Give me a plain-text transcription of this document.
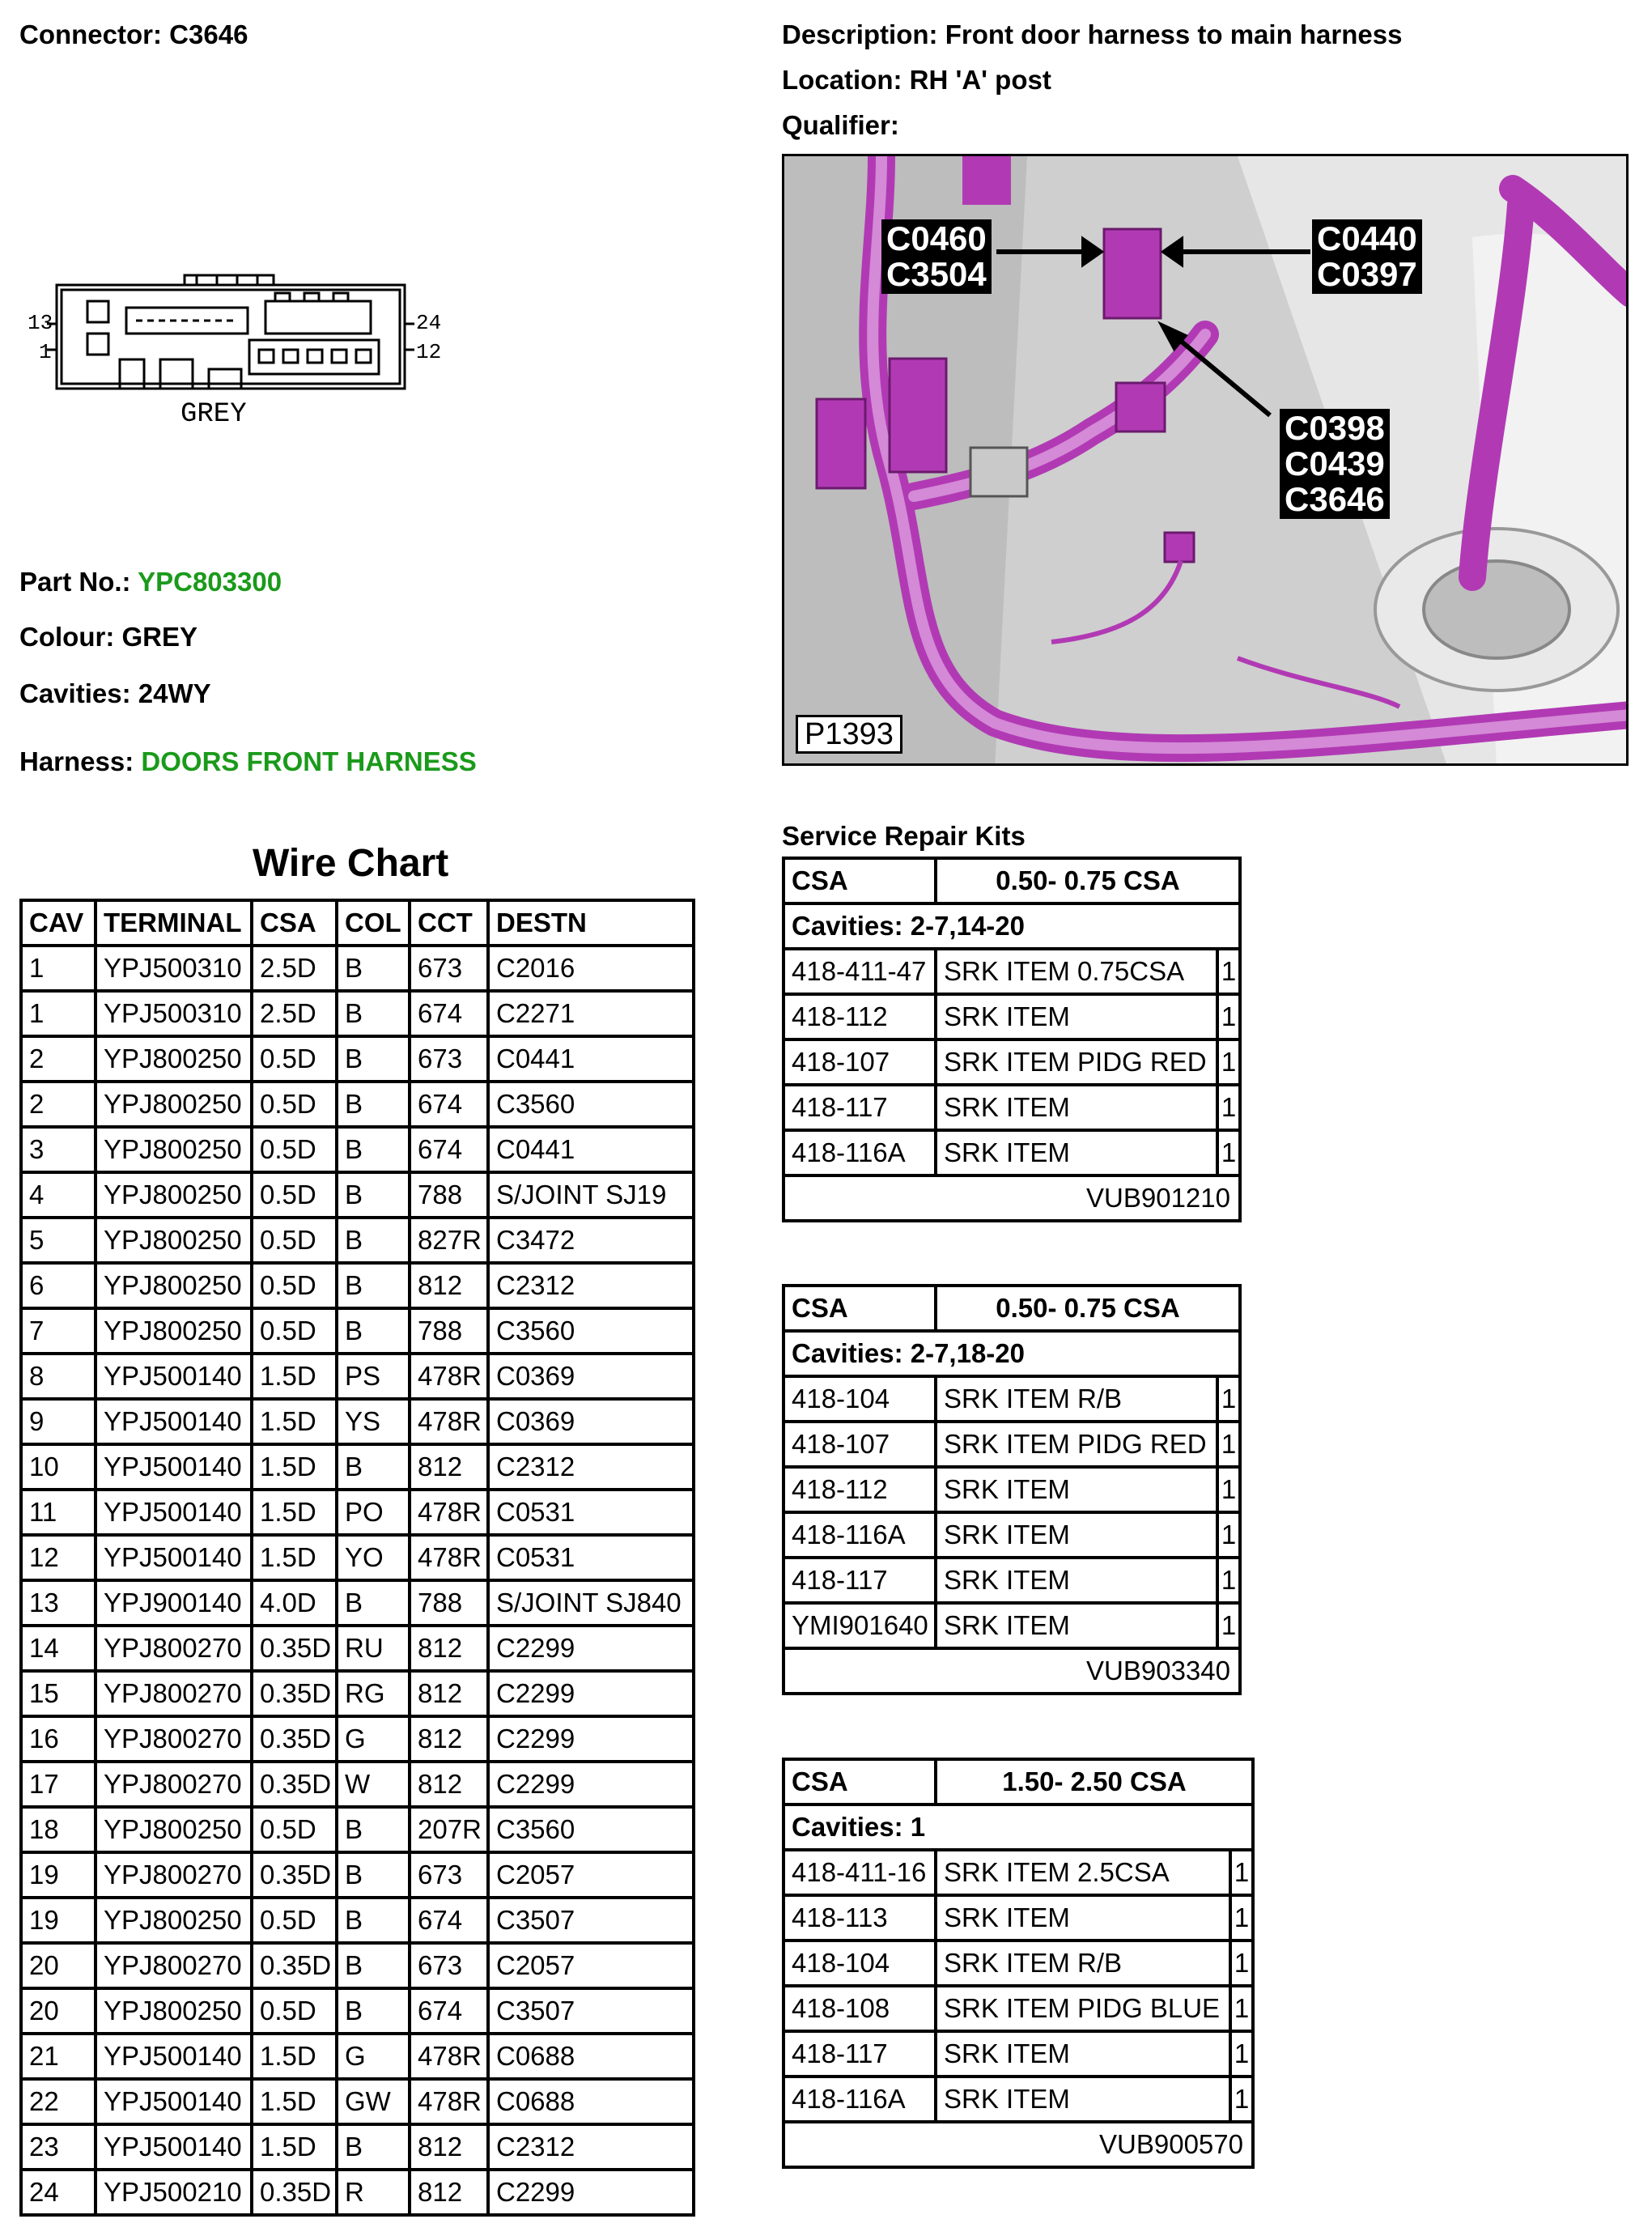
Connector: C3646	Description: Front door harness to main harness
Location: RH 'A' post
Qualifier:
13
1
24
12
GREY
Part No.: YPC803300
Colour: GREY
Cavities: 24WY
Harness: DOORS FRONT HARNESS
C0460
C3504
C0440
C0397
C0398
C0439
C3646
P1393
Wire Chart
CAV	TERMINAL	CSA	COL	CCT	DESTN
1	YPJ500310	2.5D	B	673	C2016
1	YPJ500310	2.5D	B	674	C2271
2	YPJ800250	0.5D	B	673	C0441
2	YPJ800250	0.5D	B	674	C3560
3	YPJ800250	0.5D	B	674	C0441
4	YPJ800250	0.5D	B	788	S/JOINT SJ19
5	YPJ800250	0.5D	B	827R	C3472
6	YPJ800250	0.5D	B	812	C2312
7	YPJ800250	0.5D	B	788	C3560
8	YPJ500140	1.5D	PS	478R	C0369
9	YPJ500140	1.5D	YS	478R	C0369
10	YPJ500140	1.5D	B	812	C2312
11	YPJ500140	1.5D	PO	478R	C0531
12	YPJ500140	1.5D	YO	478R	C0531
13	YPJ900140	4.0D	B	788	S/JOINT SJ840
14	YPJ800270	0.35D	RU	812	C2299
15	YPJ800270	0.35D	RG	812	C2299
16	YPJ800270	0.35D	G	812	C2299
17	YPJ800270	0.35D	W	812	C2299
18	YPJ800250	0.5D	B	207R	C3560
19	YPJ800270	0.35D	B	673	C2057
19	YPJ800250	0.5D	B	674	C3507
20	YPJ800270	0.35D	B	673	C2057
20	YPJ800250	0.5D	B	674	C3507
21	YPJ500140	1.5D	G	478R	C0688
22	YPJ500140	1.5D	GW	478R	C0688
23	YPJ500140	1.5D	B	812	C2312
24	YPJ500210	0.35D	R	812	C2299
Service Repair Kits
CSA	0.50- 0.75 CSA	
Cavities: 2-7,14-20		
418-411-47	SRK ITEM 0.75CSA	1
418-112	SRK ITEM	1
418-107	SRK ITEM PIDG RED	1
418-117	SRK ITEM	1
418-116A	SRK ITEM	1
VUB901210		
CSA	0.50- 0.75 CSA	
Cavities: 2-7,18-20		
418-104	SRK ITEM R/B	1
418-107	SRK ITEM PIDG RED	1
418-112	SRK ITEM	1
418-116A	SRK ITEM	1
418-117	SRK ITEM	1
YMI901640	SRK ITEM	1
VUB903340		
CSA	1.50- 2.50 CSA	
Cavities: 1		
418-411-16	SRK ITEM 2.5CSA	1
418-113	SRK ITEM	1
418-104	SRK ITEM R/B	1
418-108	SRK ITEM PIDG BLUE	1
418-117	SRK ITEM	1
418-116A	SRK ITEM	1
VUB900570		
